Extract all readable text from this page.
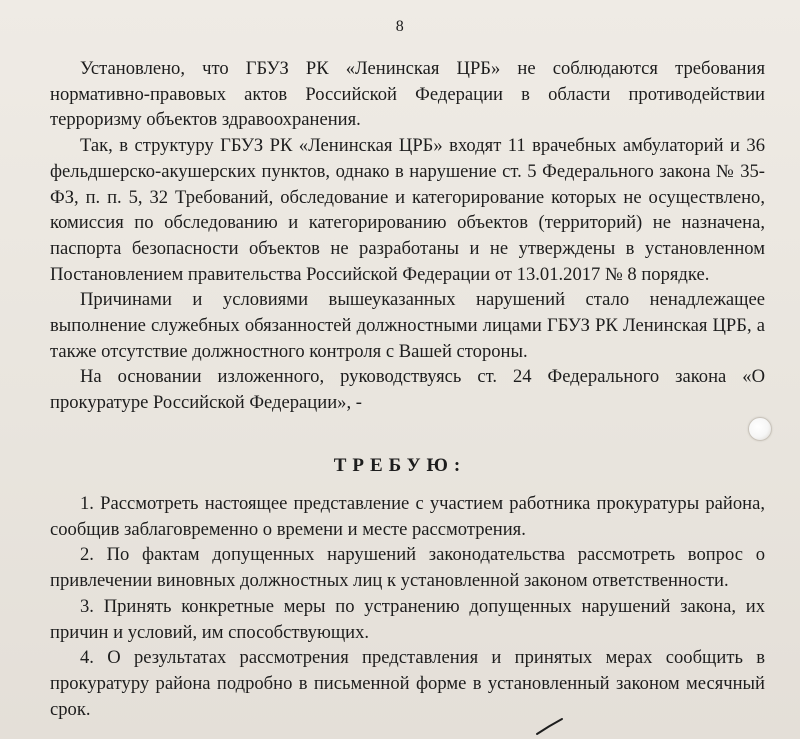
8

Установлено, что ГБУЗ РК «Ленинская ЦРБ» не соблюдаются требования нормативно-правовых актов Российской Федерации в области противодействии терроризму объектов здравоохранения.

Так, в структуру ГБУЗ РК «Ленинская ЦРБ» входят 11 врачебных амбулаторий и 36 фельдшерско-акушерских пунктов, однако в нарушение ст. 5 Федерального закона № 35-ФЗ, п. п. 5, 32 Требований, обследование и категорирование которых не осуществлено, комиссия по обследованию и категорированию объектов (территорий) не назначена, паспорта безопасности объектов не разработаны и не утверждены в установленном Постановлением правительства Российской Федерации от 13.01.2017 № 8 порядке.

Причинами и условиями вышеуказанных нарушений стало ненадлежащее выполнение служебных обязанностей должностными лицами ГБУЗ РК Ленинская ЦРБ, а также отсутствие должностного контроля с Вашей стороны.

На основании изложенного, руководствуясь ст. 24 Федерального закона «О прокуратуре Российской Федерации», -

ТРЕБУЮ:

1. Рассмотреть настоящее представление с участием работника прокуратуры района, сообщив заблаговременно о времени и месте рассмотрения.

2. По фактам допущенных нарушений законодательства рассмотреть вопрос о привлечении виновных должностных лиц к установленной законом ответственности.

3. Принять конкретные меры по устранению допущенных нарушений закона, их причин и условий, им способствующих.

4. О результатах рассмотрения представления и принятых мерах сообщить в прокуратуру района подробно в письменной форме в установленный законом месячный срок.
